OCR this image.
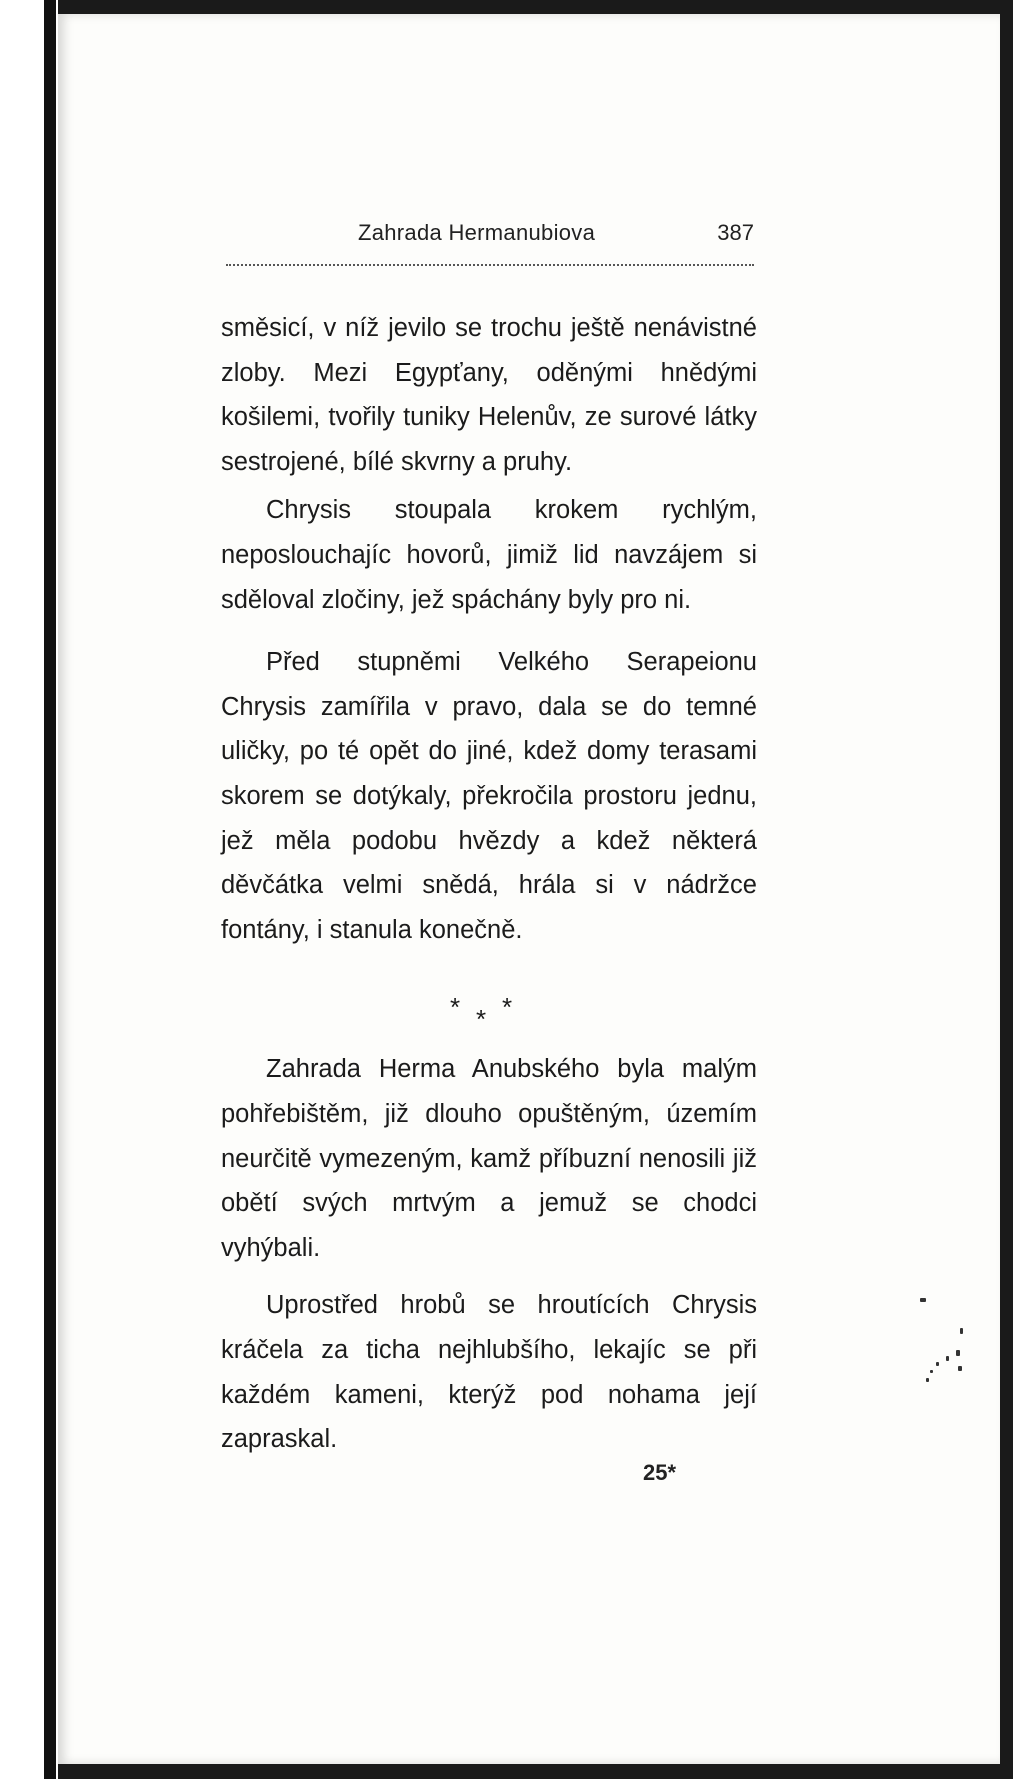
Zahrada Hermanubiova	387

směsicí, v níž jevilo se trochu ještě nenávistné zloby. Mezi Egypťany, oděnými hnědými košilemi, tvořily tuniky Helenův, ze surové látky sestrojené, bílé skvrny a pruhy.

Chrysis stoupala krokem rychlým, neposlouchajíc hovorů, jimiž lid navzájem si sděloval zločiny, jež spáchány byly pro ni.

Před stupněmi Velkého Serapeionu Chrysis zamířila v pravo, dala se do temné uličky, po té opět do jiné, kdež domy terasami skorem se dotýkaly, překročila prostoru jednu, jež měla podobu hvězdy a kdež některá děvčátka velmi snědá, hrála si v nádržce fontány, i stanula konečně.

* * *

Zahrada Herma Anubského byla malým pohřebištěm, již dlouho opuštěným, územím neurčitě vymezeným, kamž příbuzní nenosili již obětí svých mrtvým a jemuž se chodci vyhýbali.

Uprostřed hrobů se hroutících Chrysis kráčela za ticha nejhlubšího, lekajíc se při každém kameni, kterýž pod nohama její zapraskal.

25*
